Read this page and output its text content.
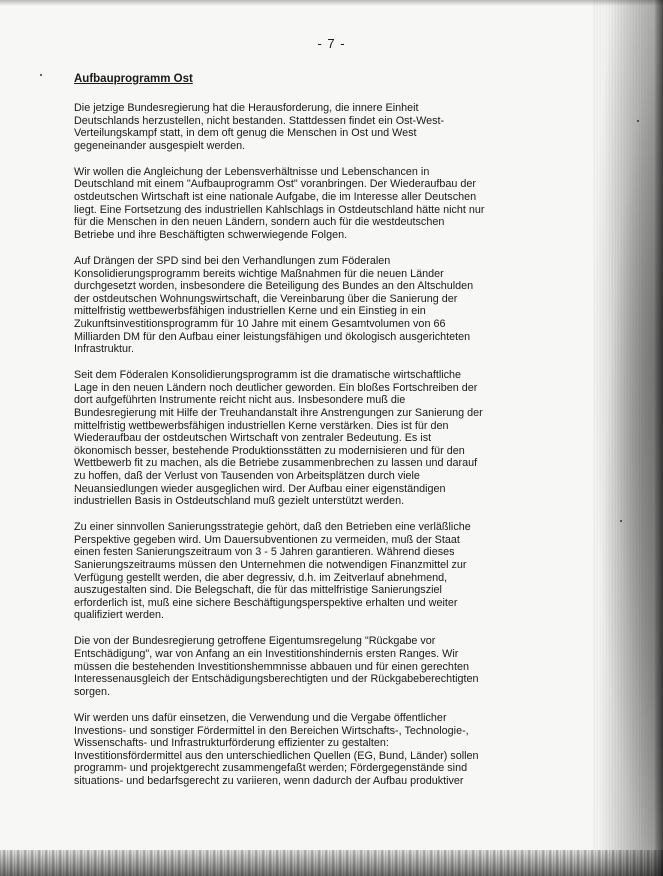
- 7 -
Aufbauprogramm Ost
Die jetzige Bundesregierung hat die Herausforderung, die innere Einheit
Deutschlands herzustellen, nicht bestanden. Stattdessen findet ein Ost-West-
Verteilungskampf statt, in dem oft genug die Menschen in Ost und West
gegeneinander ausgespielt werden.
Wir wollen die Angleichung der Lebensverhältnisse und Lebenschancen in
Deutschland mit einem "Aufbauprogramm Ost" voranbringen. Der Wiederaufbau der
ostdeutschen Wirtschaft ist eine nationale Aufgabe, die im Interesse aller Deutschen
liegt. Eine Fortsetzung des industriellen Kahlschlags in Ostdeutschland hätte nicht nur
für die Menschen in den neuen Ländern, sondern auch für die westdeutschen
Betriebe und ihre Beschäftigten schwerwiegende Folgen.
Auf Drängen der SPD sind bei den Verhandlungen zum Föderalen
Konsolidierungsprogramm bereits wichtige Maßnahmen für die neuen Länder
durchgesetzt worden, insbesondere die Beteiligung des Bundes an den Altschulden
der ostdeutschen Wohnungswirtschaft, die Vereinbarung über die Sanierung der
mittelfristig wettbewerbsfähigen industriellen Kerne und ein Einstieg in ein
Zukunftsinvestitionsprogramm für 10 Jahre mit einem Gesamtvolumen von 66
Milliarden DM für den Aufbau einer leistungsfähigen und ökologisch ausgerichteten
Infrastruktur.
Seit dem Föderalen Konsolidierungsprogramm ist die dramatische wirtschaftliche
Lage in den neuen Ländern noch deutlicher geworden. Ein bloßes Fortschreiben der
dort aufgeführten Instrumente reicht nicht aus. Insbesondere muß die
Bundesregierung mit Hilfe der Treuhandanstalt ihre Anstrengungen zur Sanierung der
mittelfristig wettbewerbsfähigen industriellen Kerne verstärken. Dies ist für den
Wiederaufbau der ostdeutschen Wirtschaft von zentraler Bedeutung. Es ist
ökonomisch besser, bestehende Produktionsstätten zu modernisieren und für den
Wettbewerb fit zu machen, als die Betriebe zusammenbrechen zu lassen und darauf
zu hoffen, daß der Verlust von Tausenden von Arbeitsplätzen durch viele
Neuansiedlungen wieder ausgeglichen wird. Der Aufbau einer eigenständigen
industriellen Basis in Ostdeutschland muß gezielt unterstützt werden.
Zu einer sinnvollen Sanierungsstrategie gehört, daß den Betrieben eine verläßliche
Perspektive gegeben wird. Um Dauersubventionen zu vermeiden, muß der Staat
einen festen Sanierungszeitraum von 3 - 5 Jahren garantieren. Während dieses
Sanierungszeitraums müssen den Unternehmen die notwendigen Finanzmittel zur
Verfügung gestellt werden, die aber degressiv, d.h. im Zeitverlauf abnehmend,
auszugestalten sind. Die Belegschaft, die für das mittelfristige Sanierungsziel
erforderlich ist, muß eine sichere Beschäftigungsperspektive erhalten und weiter
qualifiziert werden.
Die von der Bundesregierung getroffene Eigentumsregelung "Rückgabe vor
Entschädigung", war von Anfang an ein Investitionshindernis ersten Ranges. Wir
müssen die bestehenden Investitionshemmnisse abbauen und für einen gerechten
Interessenausgleich der Entschädigungsberechtigten und der Rückgabeberechtigten
sorgen.
Wir werden uns dafür einsetzen, die Verwendung und die Vergabe öffentlicher
Investions- und sonstiger Fördermittel in den Bereichen Wirtschafts-, Technologie-,
Wissenschafts- und Infrastrukturförderung effizienter zu gestalten:
Investitionsfördermittel aus den unterschiedlichen Quellen (EG, Bund, Länder) sollen
programm- und projektgerecht zusammengefaßt werden; Fördergegenstände sind
situations- und bedarfsgerecht zu variieren, wenn dadurch der Aufbau produktiver
